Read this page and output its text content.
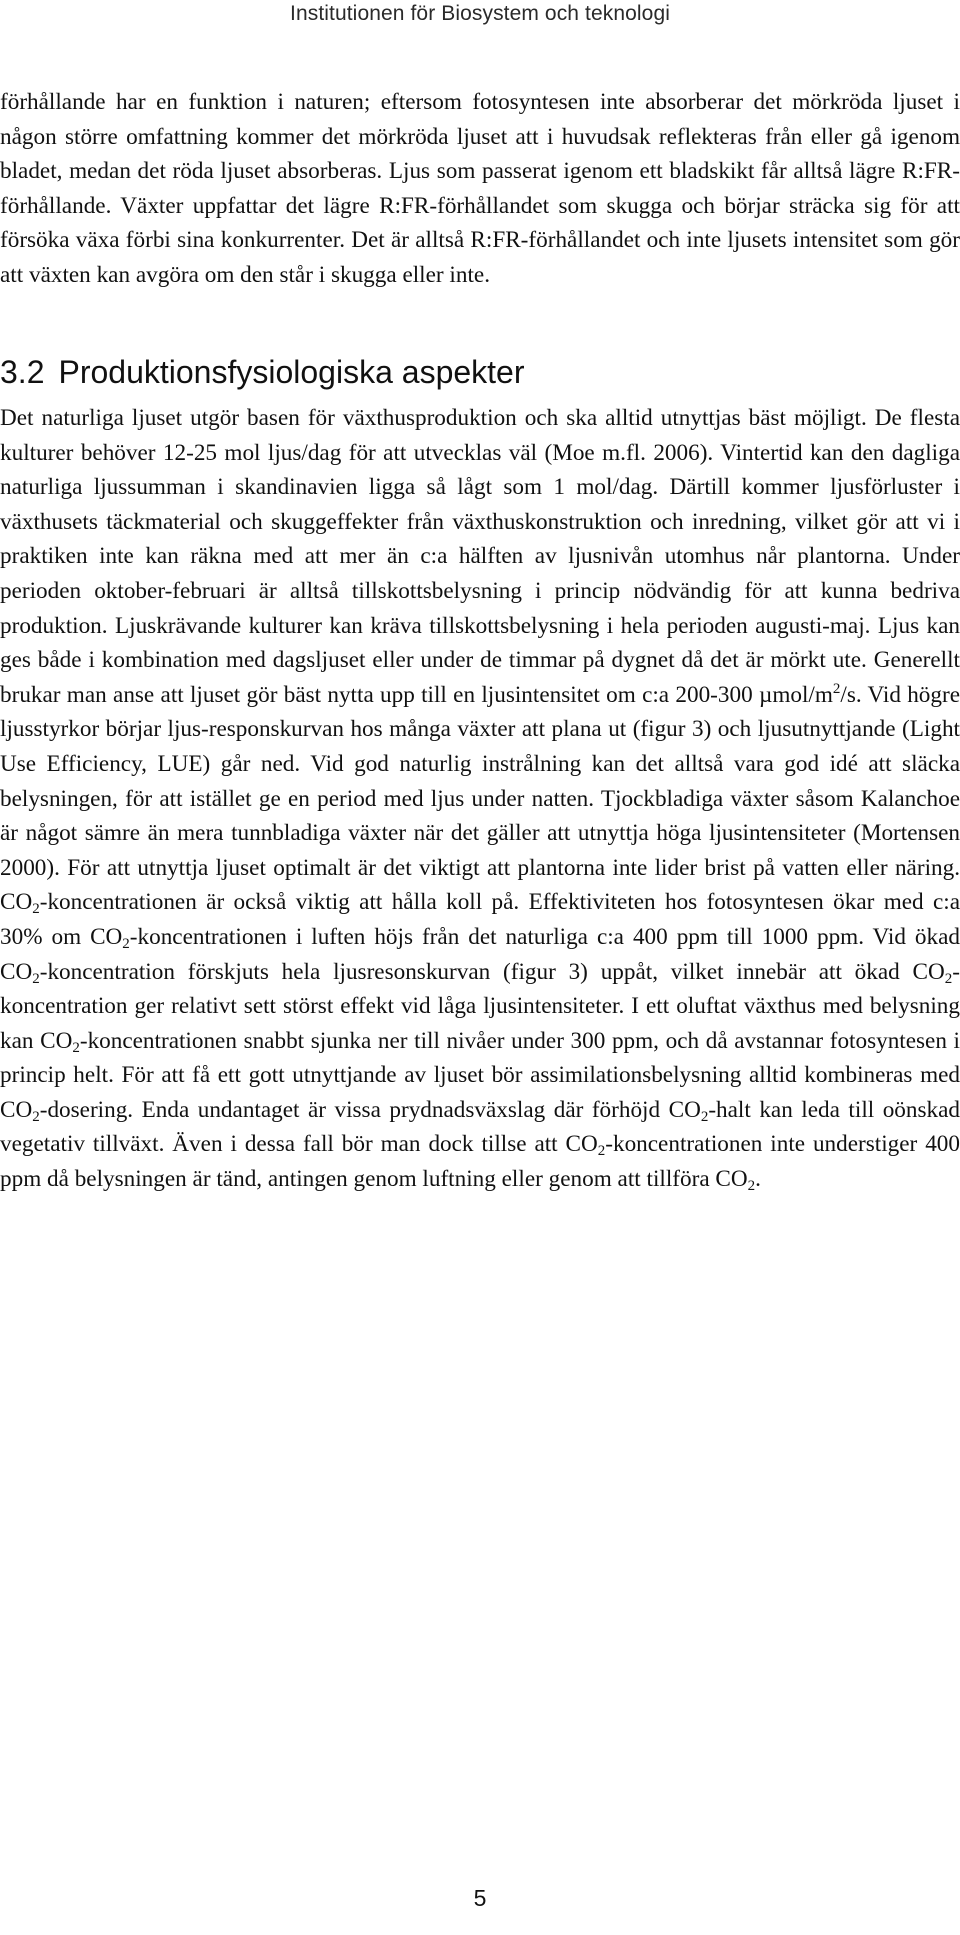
Institutionen för Biosystem och teknologi

förhållande har en funktion i naturen; eftersom fotosyntesen inte absorberar det mörkröda ljuset i någon större omfattning kommer det mörkröda ljuset att i huvudsak reflekteras från eller gå igenom bladet, medan det röda ljuset absorberas. Ljus som passerat igenom ett bladskikt får alltså lägre R:FR-förhållande. Växter uppfattar det lägre R:FR-förhållandet som skugga och börjar sträcka sig för att försöka växa förbi sina konkurrenter. Det är alltså R:FR-förhållandet och inte ljusets intensitet som gör att växten kan avgöra om den står i skugga eller inte.

3.2 Produktionsfysiologiska aspekter

Det naturliga ljuset utgör basen för växthusproduktion och ska alltid utnyttjas bäst möjligt. De flesta kulturer behöver 12-25 mol ljus/dag för att utvecklas väl (Moe m.fl. 2006). Vintertid kan den dagliga naturliga ljussumman i skandinavien ligga så lågt som 1 mol/dag. Därtill kommer ljusförluster i växthusets täckmaterial och skuggeffekter från växthuskonstruktion och inredning, vilket gör att vi i praktiken inte kan räkna med att mer än c:a hälften av ljusnivån utomhus når plantorna. Under perioden oktober-februari är alltså tillskottsbelysning i princip nödvändig för att kunna bedriva produktion. Ljuskrävande kulturer kan kräva tillskottsbelysning i hela perioden augusti-maj. Ljus kan ges både i kombination med dagsljuset eller under de timmar på dygnet då det är mörkt ute. Generellt brukar man anse att ljuset gör bäst nytta upp till en ljusintensitet om c:a 200-300 µmol/$m^2/s$. Vid högre ljusstyrkor börjar ljus-responskurvan hos många växter att plana ut (figur 3) och ljusutnyttjande (Light Use Efficiency, LUE) går ned. Vid god naturlig instrålning kan det alltså vara god idé att släcka belysningen, för att istället ge en period med ljus under natten. Tjockbladiga växter såsom Kalanchoe är något sämre än mera tunnbladiga växter när det gäller att utnyttja höga ljusintensiteter (Mortensen 2000). För att utnyttja ljuset optimalt är det viktigt att plantorna inte lider brist på vatten eller näring. $CO_2$-koncentrationen är också viktig att hålla koll på. Effektiviteten hos fotosyntesen ökar med c:a 30% om $CO_2$-koncentrationen i luften höjs från det naturliga c:a 400 ppm till 1000 ppm. Vid ökad $CO_2$-koncentration förskjuts hela ljusresonskurvan (figur 3) uppåt, vilket innebär att ökad $CO_2$-koncentration ger relativt sett störst effekt vid låga ljusintensiteter. I ett oluftat växthus med belysning kan $CO_2$-koncentrationen snabbt sjunka ner till nivåer under 300 ppm, och då avstannar fotosyntesen i princip helt. För att få ett gott utnyttjande av ljuset bör assimilationsbelysning alltid kombineras med $CO_2$-dosering. Enda undantaget är vissa prydnadsväxslag där förhöjd $CO_2$-halt kan leda till oönskad vegetativ tillväxt. Även i dessa fall bör man dock tillse att $CO_2$-koncentrationen inte understiger 400 ppm då belysningen är tänd, antingen genom luftning eller genom att tillföra $CO_2$.

5
